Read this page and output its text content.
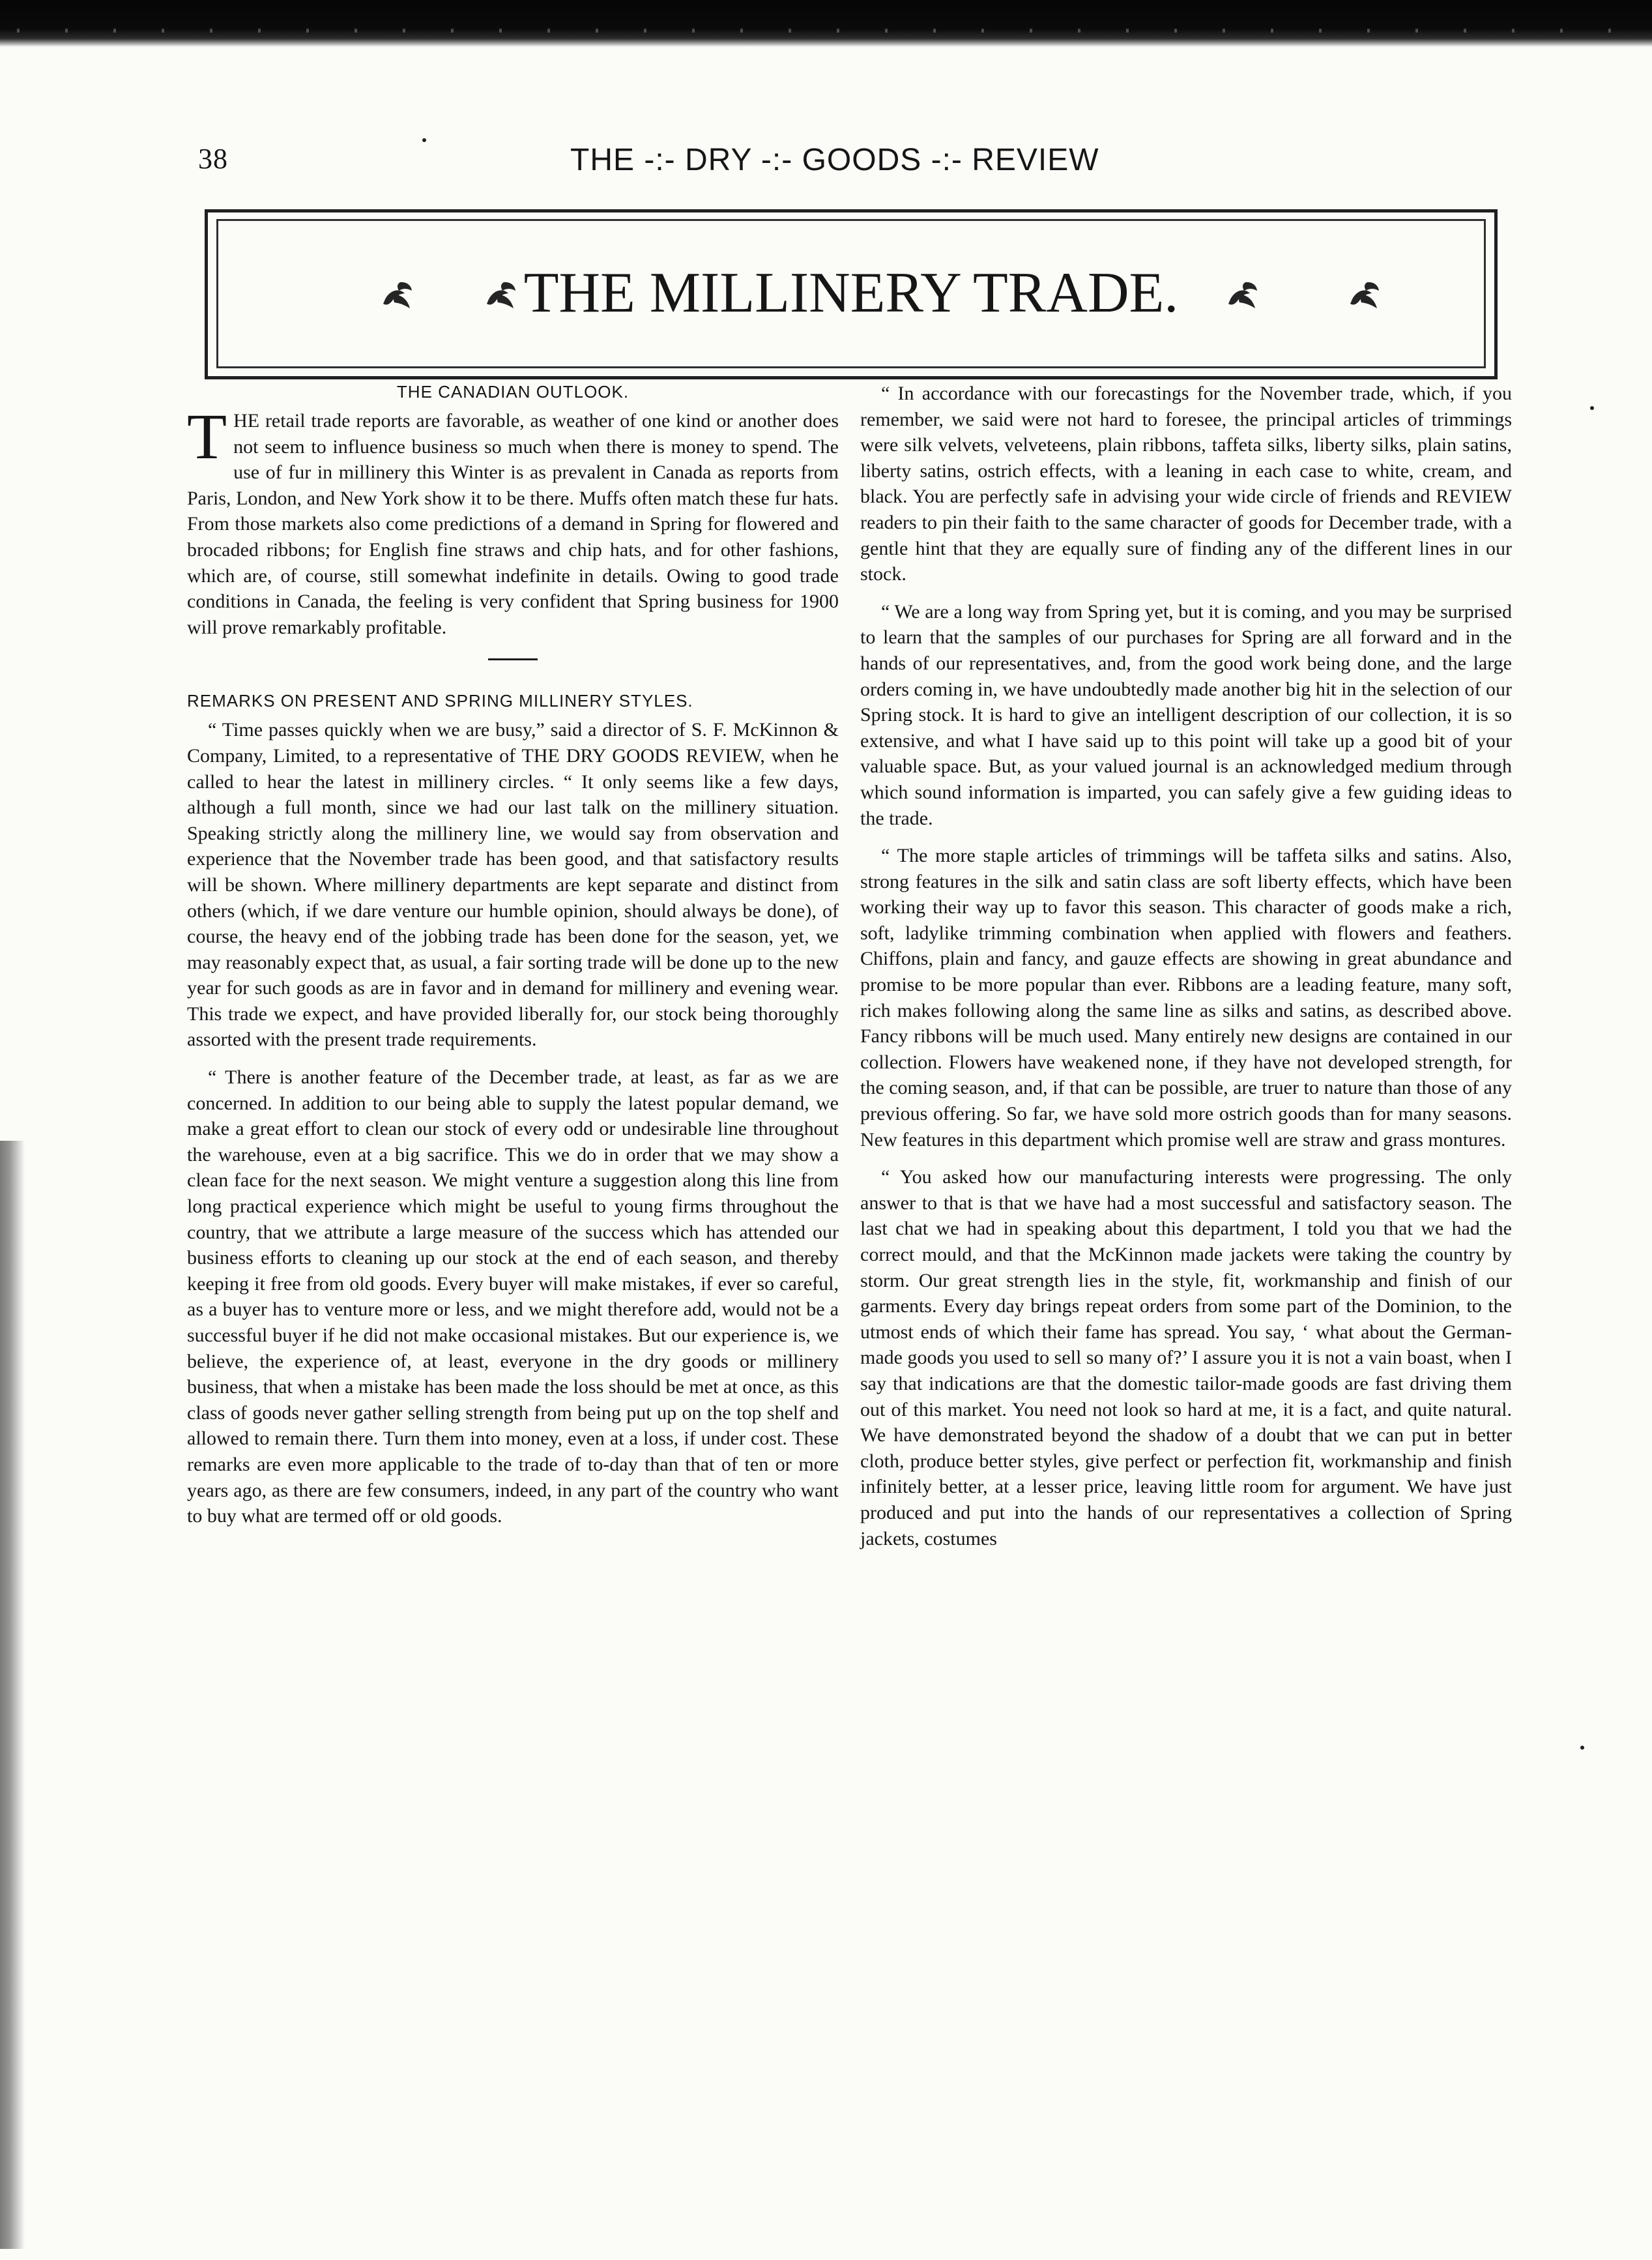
38	THE -:- DRY -:- GOODS -:- REVIEW
THE MILLINERY TRADE.
THE CANADIAN OUTLOOK.

THE retail trade reports are favorable, as weather of one kind or another does not seem to influence business so much when there is money to spend. The use of fur in millinery this Winter is as prevalent in Canada as reports from Paris, London, and New York show it to be there. Muffs often match these fur hats. From those markets also come predictions of a demand in Spring for flowered and brocaded ribbons; for English fine straws and chip hats, and for other fashions, which are, of course, still somewhat indefinite in details. Owing to good trade conditions in Canada, the feeling is very confident that Spring business for 1900 will prove remarkably profitable.

REMARKS ON PRESENT AND SPRING MILLINERY STYLES.

“ Time passes quickly when we are busy,” said a director of S. F. McKinnon & Company, Limited, to a representative of THE DRY GOODS REVIEW, when he called to hear the latest in millinery circles. “ It only seems like a few days, although a full month, since we had our last talk on the millinery situation. Speaking strictly along the millinery line, we would say from observation and experience that the November trade has been good, and that satisfactory results will be shown. Where millinery departments are kept separate and distinct from others (which, if we dare venture our humble opinion, should always be done), of course, the heavy end of the jobbing trade has been done for the season, yet, we may reasonably expect that, as usual, a fair sorting trade will be done up to the new year for such goods as are in favor and in demand for millinery and evening wear. This trade we expect, and have provided liberally for, our stock being thoroughly assorted with the present trade requirements.

“ There is another feature of the December trade, at least, as far as we are concerned. In addition to our being able to supply the latest popular demand, we make a great effort to clean our stock of every odd or undesirable line throughout the warehouse, even at a big sacrifice. This we do in order that we may show a clean face for the next season. We might venture a suggestion along this line from long practical experience which might be useful to young firms throughout the country, that we attribute a large measure of the success which has attended our business efforts to cleaning up our stock at the end of each season, and thereby keeping it free from old goods. Every buyer will make mistakes, if ever so careful, as a buyer has to venture more or less, and we might therefore add, would not be a successful buyer if he did not make occasional mistakes. But our experience is, we believe, the experience of, at least, everyone in the dry goods or millinery business, that when a mistake has been made the loss should be met at once, as this class of goods never gather selling strength from being put up on the top shelf and allowed to remain there. Turn them into money, even at a loss, if under cost. These remarks are even more applicable to the trade of to-day than that of ten or more years ago, as there are few consumers, indeed, in any part of the country who want to buy what are termed off or old goods.

“ In accordance with our forecastings for the November trade, which, if you remember, we said were not hard to foresee, the principal articles of trimmings were silk velvets, velveteens, plain ribbons, taffeta silks, liberty silks, plain satins, liberty satins, ostrich effects, with a leaning in each case to white, cream, and black. You are perfectly safe in advising your wide circle of friends and REVIEW readers to pin their faith to the same character of goods for December trade, with a gentle hint that they are equally sure of finding any of the different lines in our stock.

“ We are a long way from Spring yet, but it is coming, and you may be surprised to learn that the samples of our purchases for Spring are all forward and in the hands of our representatives, and, from the good work being done, and the large orders coming in, we have undoubtedly made another big hit in the selection of our Spring stock. It is hard to give an intelligent description of our collection, it is so extensive, and what I have said up to this point will take up a good bit of your valuable space. But, as your valued journal is an acknowledged medium through which sound information is imparted, you can safely give a few guiding ideas to the trade.

“ The more staple articles of trimmings will be taffeta silks and satins. Also, strong features in the silk and satin class are soft liberty effects, which have been working their way up to favor this season. This character of goods make a rich, soft, ladylike trimming combination when applied with flowers and feathers. Chiffons, plain and fancy, and gauze effects are showing in great abundance and promise to be more popular than ever. Ribbons are a leading feature, many soft, rich makes following along the same line as silks and satins, as described above. Fancy ribbons will be much used. Many entirely new designs are contained in our collection. Flowers have weakened none, if they have not developed strength, for the coming season, and, if that can be possible, are truer to nature than those of any previous offering. So far, we have sold more ostrich goods than for many seasons. New features in this department which promise well are straw and grass montures.

“ You asked how our manufacturing interests were progressing. The only answer to that is that we have had a most successful and satisfactory season. The last chat we had in speaking about this department, I told you that we had the correct mould, and that the McKinnon made jackets were taking the country by storm. Our great strength lies in the style, fit, workmanship and finish of our garments. Every day brings repeat orders from some part of the Dominion, to the utmost ends of which their fame has spread. You say, ‘ what about the German-made goods you used to sell so many of?’ I assure you it is not a vain boast, when I say that indications are that the domestic tailor-made goods are fast driving them out of this market. You need not look so hard at me, it is a fact, and quite natural. We have demonstrated beyond the shadow of a doubt that we can put in better cloth, produce better styles, give perfect or perfection fit, workmanship and finish infinitely better, at a lesser price, leaving little room for argument. We have just produced and put into the hands of our representatives a collection of Spring jackets, costumes
